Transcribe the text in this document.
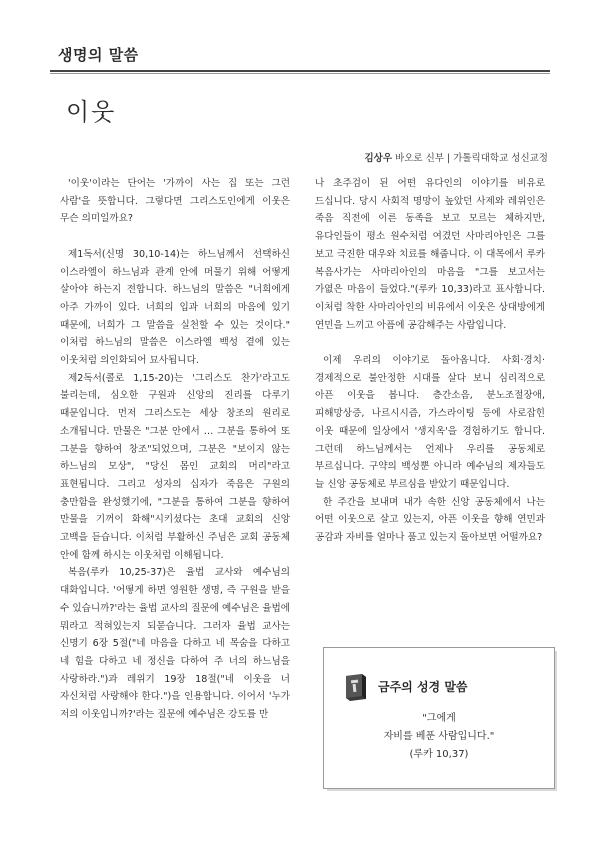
생명의 말씀
이웃
김상우 바오로 신부 | 가톨릭대학교 성신교정

'이웃'이라는 단어는 '가까이 사는 집 또는 그런 사람'을 뜻합니다. 그렇다면 그리스도인에게 이웃은 무슨 의미일까요?

제1독서(신명 30,10-14)는 하느님께서 선택하신 이스라엘이 하느님과 관계 안에 머물기 위해 어떻게 살아야 하는지 전합니다. 하느님의 말씀은 "너희에게 아주 가까이 있다. 너희의 입과 너희의 마음에 있기 때문에, 너희가 그 말씀을 실천할 수 있는 것이다." 이처럼 하느님의 말씀은 이스라엘 백성 곁에 있는 이웃처럼 의인화되어 묘사됩니다.

제2독서(콜로 1,15-20)는 '그리스도 찬가'라고도 불리는데, 심오한 구원과 신앙의 진리를 다루기 때문입니다. 먼저 그리스도는 세상 창조의 원리로 소개됩니다. 만물은 "그분 안에서 … 그분을 통하여 또 그분을 향하여 창조"되었으며, 그분은 "보이지 않는 하느님의 모상", "당신 몸인 교회의 머리"라고 표현됩니다. 그리고 성자의 십자가 죽음은 구원의 충만함을 완성했기에, "그분을 통하여 그분을 향하여 만물을 기꺼이 화해"시키셨다는 초대 교회의 신앙 고백을 듣습니다. 이처럼 부활하신 주님은 교회 공동체 안에 함께 하시는 이웃처럼 이해됩니다.

복음(루카 10,25-37)은 율법 교사와 예수님의 대화입니다. '어떻게 하면 영원한 생명, 즉 구원을 받을 수 있습니까?'라는 율법 교사의 질문에 예수님은 율법에 뭐라고 적혀있는지 되묻습니다. 그러자 율법 교사는 신명기 6장 5절("네 마음을 다하고 네 목숨을 다하고 네 힘을 다하고 네 정신을 다하여 주 너의 하느님을 사랑하라.")과 레위기 19장 18절("네 이웃을 너 자신처럼 사랑해야 한다.")을 인용합니다. 이어서 '누가 저의 이웃입니까?'라는 질문에 예수님은 강도를 만

나 초주검이 된 어떤 유다인의 이야기를 비유로 드십니다. 당시 사회적 명망이 높았던 사제와 레위인은 죽음 직전에 이른 동족을 보고 모르는 체하지만, 유다인들이 평소 원수처럼 여겼던 사마리아인은 그를 보고 극진한 대우와 치료를 해줍니다. 이 대목에서 루카 복음사가는 사마리아인의 마음을 "그를 보고서는 가엾은 마음이 들었다."(루카 10,33)라고 표사합니다. 이처럼 착한 사마리아인의 비유에서 이웃은 상대방에게 연민을 느끼고 아픔에 공감해주는 사람입니다.

이제 우리의 이야기로 돌아옵니다. 사회·경치·경제적으로 불안정한 시대를 살다 보니 심리적으로 아픈 이웃을 봅니다. 층간소음, 분노조절장애, 피해망상증, 나르시시즘, 가스라이팅 등에 사로잡힌 이웃 때문에 일상에서 '생지옥'을 경험하기도 합니다. 그런데 하느님께서는 언제나 우리를 공동체로 부르십니다. 구약의 백성뿐 아니라 예수님의 제자들도 늘 신앙 공동체로 부르심을 받았기 때문입니다.

한 주간을 보내며 내가 속한 신앙 공동체에서 나는 어떤 이웃으로 살고 있는지, 아픈 이웃을 향해 연민과 공감과 자비를 얼마나 품고 있는지 돌아보면 어떨까요?

금주의 성경 말씀
"그에게
자비를 베푼 사람입니다."
(루카 10,37)
